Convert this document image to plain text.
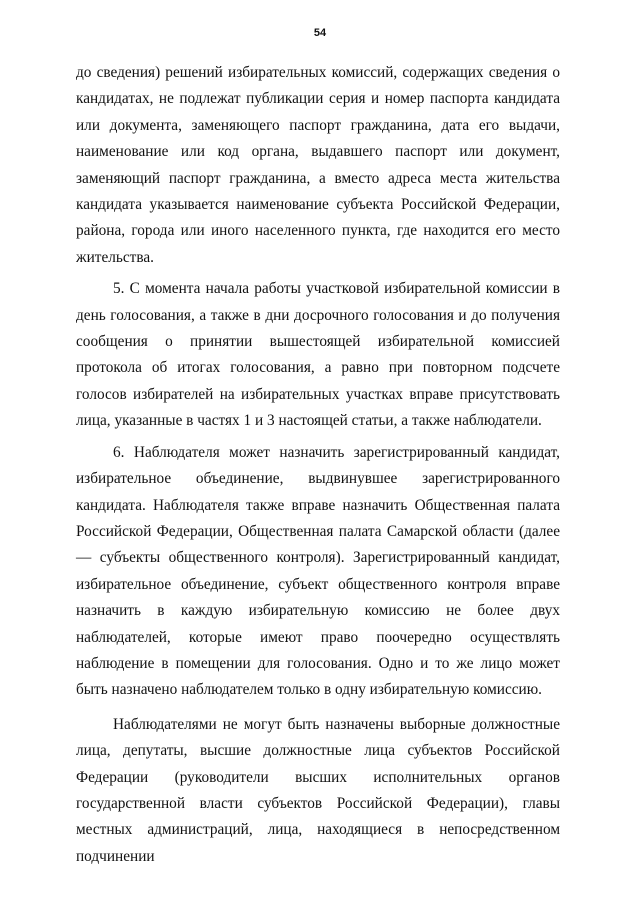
54

до сведения) решений избирательных комиссий, содержащих сведения о кандидатах, не подлежат публикации серия и номер паспорта кандидата или документа, заменяющего паспорт гражданина, дата его выдачи, наименование или код органа, выдавшего паспорт или документ, заменяющий паспорт гражданина, а вместо адреса места жительства кандидата указывается наименование субъекта Российской Федерации, района, города или иного населенного пункта, где находится его место жительства.

5. С момента начала работы участковой избирательной комиссии в день голосования, а также в дни досрочного голосования и до получения сообщения о принятии вышестоящей избирательной комиссией протокола об итогах голосования, а равно при повторном подсчете голосов избирателей на избирательных участках вправе присутствовать лица, указанные в частях 1 и 3 настоящей статьи, а также наблюдатели.

6. Наблюдателя может назначить зарегистрированный кандидат, избирательное объединение, выдвинувшее зарегистрированного кандидата. Наблюдателя также вправе назначить Общественная палата Российской Федерации, Общественная палата Самарской области (далее — субъекты общественного контроля). Зарегистрированный кандидат, избирательное объединение, субъект общественного контроля вправе назначить в каждую избирательную комиссию не более двух наблюдателей, которые имеют право поочередно осуществлять наблюдение в помещении для голосования. Одно и то же лицо может быть назначено наблюдателем только в одну избирательную комиссию.

Наблюдателями не могут быть назначены выборные должностные лица, депутаты, высшие должностные лица субъектов Российской Федерации (руководители высших исполнительных органов государственной власти субъектов Российской Федерации), главы местных администраций, лица, находящиеся в непосредственном подчинении
